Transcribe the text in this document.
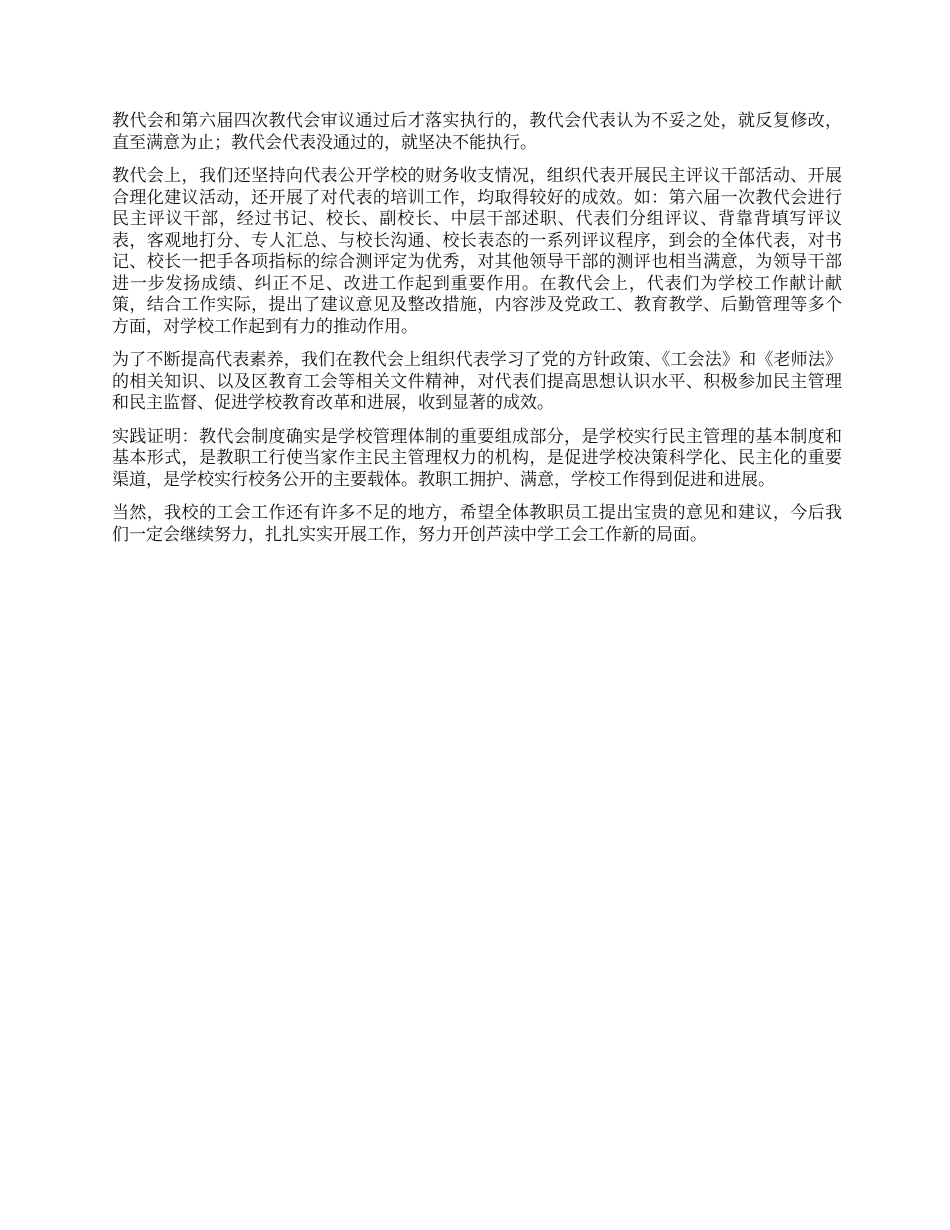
教代会和第六届四次教代会审议通过后才落实执行的，教代会代表认为不妥之处，就反复修改，直至满意为止；教代会代表没通过的，就坚决不能执行。

教代会上，我们还坚持向代表公开学校的财务收支情况，组织代表开展民主评议干部活动、开展合理化建议活动，还开展了对代表的培训工作，均取得较好的成效。如：第六届一次教代会进行民主评议干部，经过书记、校长、副校长、中层干部述职、代表们分组评议、背靠背填写评议表，客观地打分、专人汇总、与校长沟通、校长表态的一系列评议程序，到会的全体代表，对书记、校长一把手各项指标的综合测评定为优秀，对其他领导干部的测评也相当满意，为领导干部进一步发扬成绩、纠正不足、改进工作起到重要作用。在教代会上，代表们为学校工作献计献策，结合工作实际，提出了建议意见及整改措施，内容涉及党政工、教育教学、后勤管理等多个方面，对学校工作起到有力的推动作用。

为了不断提高代表素养，我们在教代会上组织代表学习了党的方针政策、《工会法》和《老师法》的相关知识、以及区教育工会等相关文件精神，对代表们提高思想认识水平、积极参加民主管理和民主监督、促进学校教育改革和进展，收到显著的成效。

实践证明：教代会制度确实是学校管理体制的重要组成部分，是学校实行民主管理的基本制度和基本形式，是教职工行使当家作主民主管理权力的机构，是促进学校决策科学化、民主化的重要渠道，是学校实行校务公开的主要载体。教职工拥护、满意，学校工作得到促进和进展。

当然，我校的工会工作还有许多不足的地方，希望全体教职员工提出宝贵的意见和建议，今后我们一定会继续努力，扎扎实实开展工作，努力开创芦渎中学工会工作新的局面。
